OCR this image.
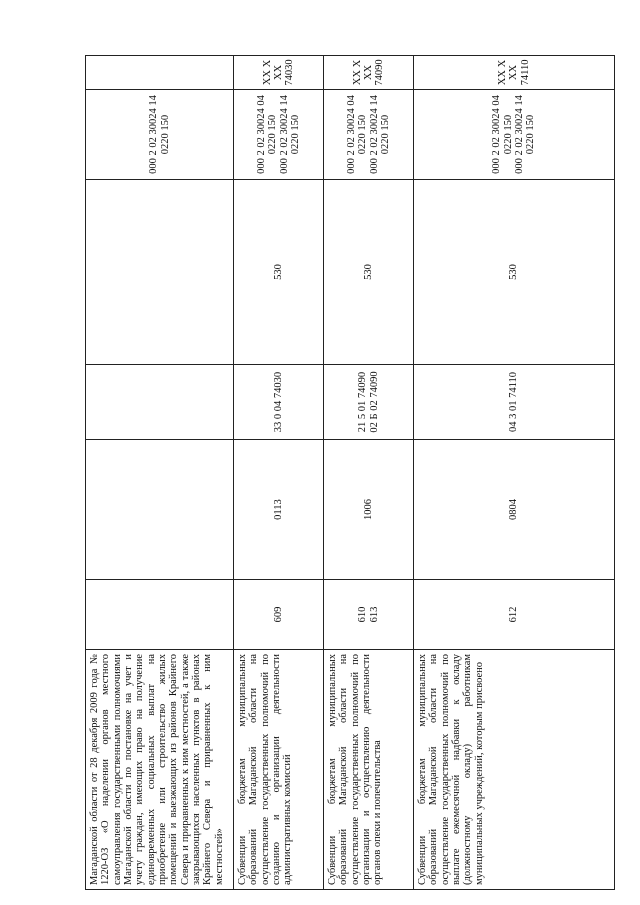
Магаданской области от 28 декабря 2009 года № 1220-ОЗ «О наделении органов местного самоуправления государственными полномочиями Магаданской области по постановке на учет и учету граждан, имеющих право на получение единовременных социальных выплат на приобретение или строительство жилых помещений и выезжающих из районов Крайнего Севера и приравненных к ним местностей, а также закрывающихся населенных пунктов в районах Крайнего Севера и приравненных к ним местностей»
000 2 02 30024 14 0220 150
Субвенции бюджетам муниципальных образований Магаданской области на осуществление государственных полномочий по созданию и организации деятельности административных комиссий
609
0113
33 0 04 74030
530
000 2 02 30024 04 0220 150 000 2 02 30024 14 0220 150
XX X XX 74030
Субвенции бюджетам муниципальных образований Магаданской области на осуществление государственных полномочий по организации и осуществлению деятельности органов опеки и попечительства
610 613
1006
21 5 01 74090 02 Б 02 74090
530
000 2 02 30024 04 0220 150 000 2 02 30024 14 0220 150
XX X XX 74090
Субвенции бюджетам муниципальных образований Магаданской области на осуществление государственных полномочий по выплате ежемесячной надбавки к окладу (должностному окладу) работникам муниципальных учреждений, которым присвоено
612
0804
04 3 01 74110
530
000 2 02 30024 04 0220 150 000 2 02 30024 14 0220 150
XX X XX 74110
